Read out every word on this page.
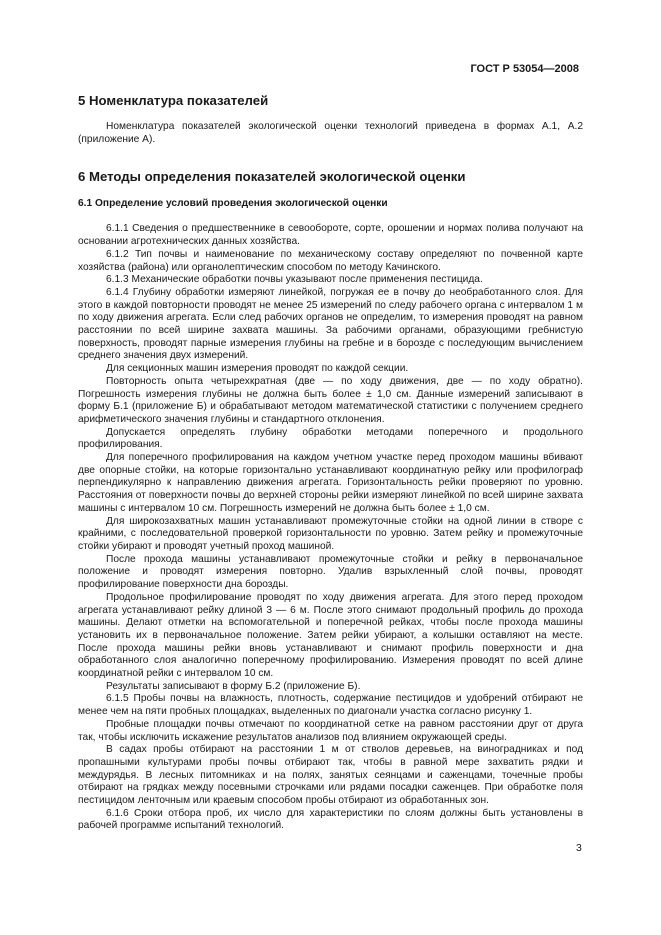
ГОСТ Р 53054—2008
5 Номенклатура показателей

Номенклатура показателей экологической оценки технологий приведена в формах А.1, А.2 (приложение А).

6 Методы определения показателей экологической оценки
6.1 Определение условий проведения экологической оценки

6.1.1 Сведения о предшественнике в севообороте, сорте, орошении и нормах полива получают на основании агротехнических данных хозяйства.

6.1.2 Тип почвы и наименование по механическому составу определяют по почвенной карте хозяйства (района) или органолептическим способом по методу Качинского.

6.1.3 Механические обработки почвы указывают после применения пестицида.

6.1.4 Глубину обработки измеряют линейкой, погружая ее в почву до необработанного слоя. Для этого в каждой повторности проводят не менее 25 измерений по следу рабочего органа с интервалом 1 м по ходу движения агрегата. Если след рабочих органов не определим, то измерения проводят на равном расстоянии по всей ширине захвата машины. За рабочими органами, образующими гребнистую поверхность, проводят парные измерения глубины на гребне и в борозде с последующим вычислением среднего значения двух измерений.

Для секционных машин измерения проводят по каждой секции.

Повторность опыта четырехкратная (две — по ходу движения, две — по ходу обратно). Погрешность измерения глубины не должна быть более ± 1,0 см. Данные измерений записывают в форму Б.1 (приложение Б) и обрабатывают методом математической статистики с получением среднего арифметического значения глубины и стандартного отклонения.

Допускается определять глубину обработки методами поперечного и продольного профилирования.

Для поперечного профилирования на каждом учетном участке перед проходом машины вбивают две опорные стойки, на которые горизонтально устанавливают координатную рейку или профилограф перпендикулярно к направлению движения агрегата. Горизонтальность рейки проверяют по уровню. Расстояния от поверхности почвы до верхней стороны рейки измеряют линейкой по всей ширине захвата машины с интервалом 10 см. Погрешность измерений не должна быть более ± 1,0 см.

Для широкозахватных машин устанавливают промежуточные стойки на одной линии в створе с крайними, с последовательной проверкой горизонтальности по уровню. Затем рейку и промежуточные стойки убирают и проводят учетный проход машиной.

После прохода машины устанавливают промежуточные стойки и рейку в первоначальное положение и проводят измерения повторно. Удалив взрыхленный слой почвы, проводят профилирование поверхности дна борозды.

Продольное профилирование проводят по ходу движения агрегата. Для этого перед проходом агрегата устанавливают рейку длиной 3 — 6 м. После этого снимают продольный профиль до прохода машины. Делают отметки на вспомогательной и поперечной рейках, чтобы после прохода машины установить их в первоначальное положение. Затем рейки убирают, а колышки оставляют на месте. После прохода машины рейки вновь устанавливают и снимают профиль поверхности и дна обработанного слоя аналогично поперечному профилированию. Измерения проводят по всей длине координатной рейки с интервалом 10 см.

Результаты записывают в форму Б.2 (приложение Б).

6.1.5 Пробы почвы на влажность, плотность, содержание пестицидов и удобрений отбирают не менее чем на пяти пробных площадках, выделенных по диагонали участка согласно рисунку 1.

Пробные площадки почвы отмечают по координатной сетке на равном расстоянии друг от друга так, чтобы исключить искажение результатов анализов под влиянием окружающей среды.

В садах пробы отбирают на расстоянии 1 м от стволов деревьев, на виноградниках и под пропашными культурами пробы почвы отбирают так, чтобы в равной мере захватить рядки и междурядья. В лесных питомниках и на полях, занятых сеянцами и саженцами, точечные пробы отбирают на грядках между посевными строчками или рядами посадки саженцев. При обработке поля пестицидом ленточным или краевым способом пробы отбирают из обработанных зон.

6.1.6 Сроки отбора проб, их число для характеристики по слоям должны быть установлены в рабочей программе испытаний технологий.

3
